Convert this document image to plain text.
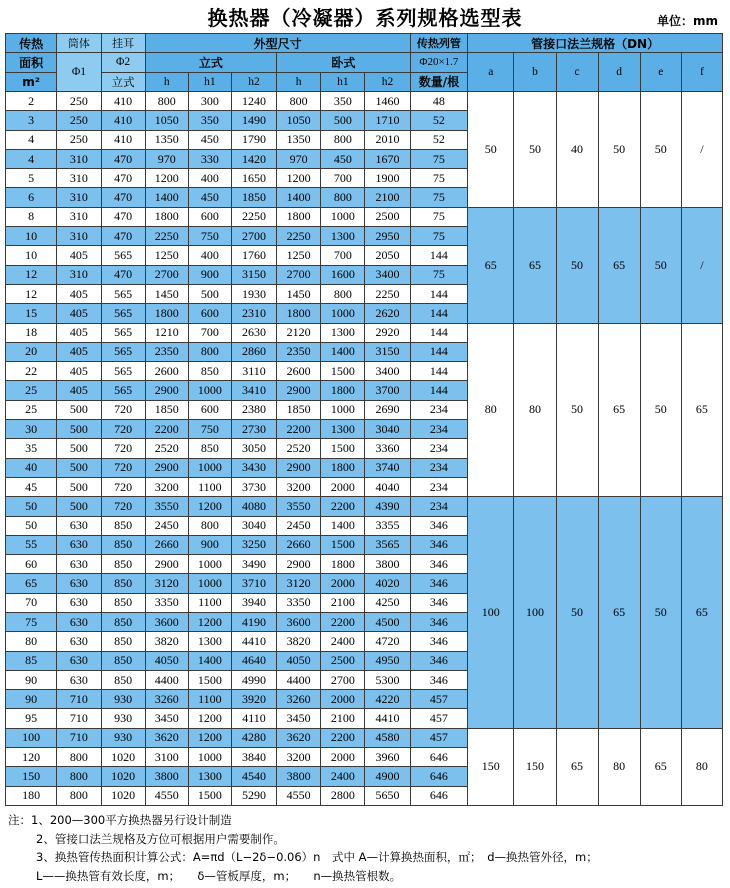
换热器（冷凝器）系列规格选型表	单位：mm
传热	筒体	挂耳	外型尺寸						传热列管	管接口法兰规格（DN）					
面积	Φ1	Φ2	立式			卧式			Φ20×1.7	a	b	c	d	e	f
m²		立式	h	h1	h2	h	h1	h2	数量/根						
2	250	410	800	300	1240	800	350	1460	48	50	50	40	50	50	/
3	250	410	1050	350	1490	1050	500	1710	52						
4	250	410	1350	450	1790	1350	800	2010	52						
4	310	470	970	330	1420	970	450	1670	75						
5	310	470	1200	400	1650	1200	700	1900	75						
6	310	470	1400	450	1850	1400	800	2100	75						
8	310	470	1800	600	2250	1800	1000	2500	75	65	65	50	65	50	/
10	310	470	2250	750	2700	2250	1300	2950	75						
10	405	565	1250	400	1760	1250	700	2050	144						
12	310	470	2700	900	3150	2700	1600	3400	75						
12	405	565	1450	500	1930	1450	800	2250	144						
15	405	565	1800	600	2310	1800	1000	2620	144						
18	405	565	1210	700	2630	2120	1300	2920	144	80	80	50	65	50	65
20	405	565	2350	800	2860	2350	1400	3150	144						
22	405	565	2600	850	3110	2600	1500	3400	144						
25	405	565	2900	1000	3410	2900	1800	3700	144						
25	500	720	1850	600	2380	1850	1000	2690	234						
30	500	720	2200	750	2730	2200	1300	3040	234						
35	500	720	2520	850	3050	2520	1500	3360	234						
40	500	720	2900	1000	3430	2900	1800	3740	234						
45	500	720	3200	1100	3730	3200	2000	4040	234						
50	500	720	3550	1200	4080	3550	2200	4390	234	100	100	50	65	50	65
50	630	850	2450	800	3040	2450	1400	3355	346						
55	630	850	2660	900	3250	2660	1500	3565	346						
60	630	850	2900	1000	3490	2900	1800	3800	346						
65	630	850	3120	1000	3710	3120	2000	4020	346						
70	630	850	3350	1100	3940	3350	2100	4250	346						
75	630	850	3600	1200	4190	3600	2200	4500	346						
80	630	850	3820	1300	4410	3820	2400	4720	346						
85	630	850	4050	1400	4640	4050	2500	4950	346						
90	630	850	4400	1500	4990	4400	2700	5300	346						
90	710	930	3260	1100	3920	3260	2000	4220	457						
95	710	930	3450	1200	4110	3450	2100	4410	457						
100	710	930	3620	1200	4280	3620	2200	4580	457	150	150	65	80	65	80
120	800	1020	3100	1000	3840	3200	2000	3960	646						
150	800	1020	3800	1300	4540	3800	2400	4900	646						
180	800	1020	4550	1500	5290	4550	2800	5650	646						
注：1、200—300平方换热器另行设计制造
2、管接口法兰规格及方位可根据用户需要制作。
3、换热管传热面积计算公式：A=πd（L−2δ−0.06）n　式中 A—计算换热面积，㎡；　d—换热管外径，m；
L——换热管有效长度，m；　　δ—管板厚度，m；　　n—换热管根数。
